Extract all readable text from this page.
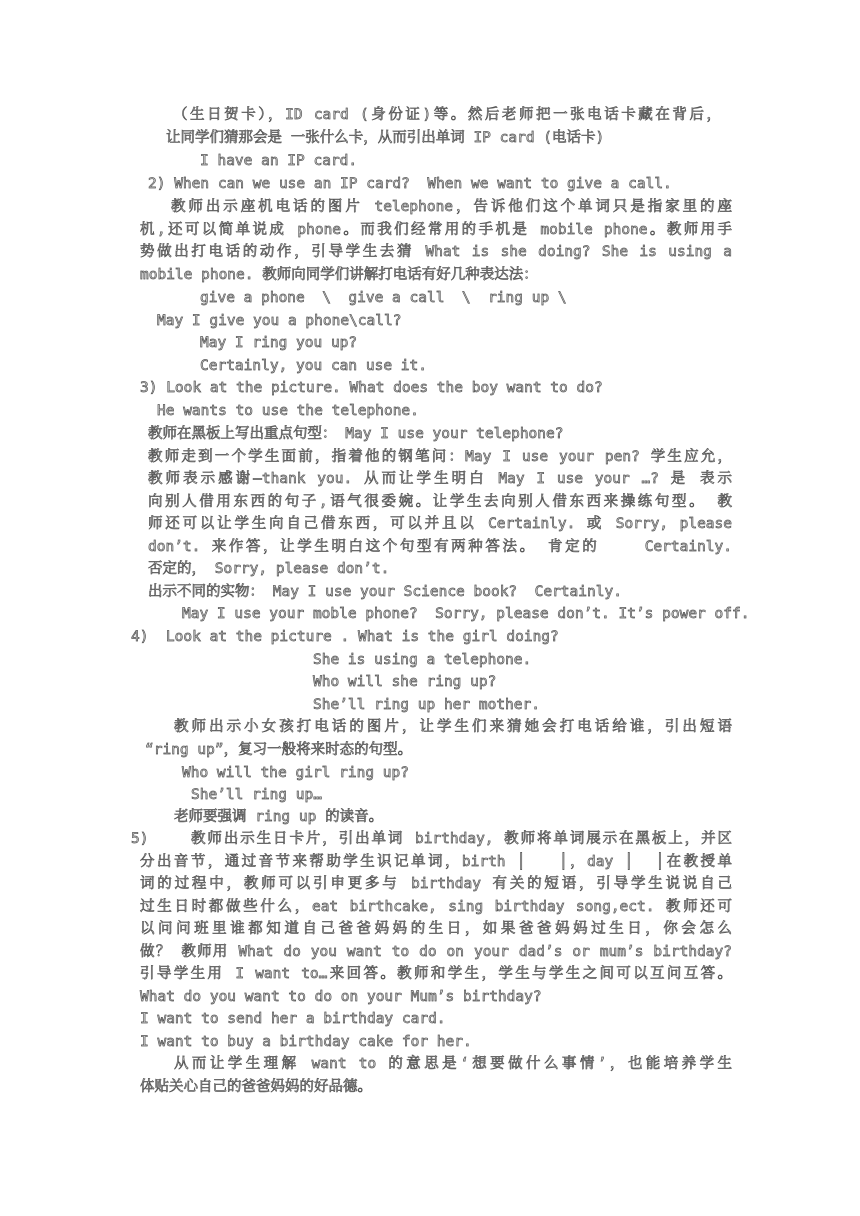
（生日贺卡），ID card (身份证)等。然后老师把一张电话卡藏在背后，
让同学们猜那会是 一张什么卡，从而引出单词 IP card (电话卡)
I have an IP card.
2) When can we use an IP card?  When we want to give a call.
教师出示座机电话的图片 telephone，告诉他们这个单词只是指家里的座
机,还可以简单说成 phone。而我们经常用的手机是 mobile phone。教师用手
势做出打电话的动作，引导学生去猜 What is she doing? She is using a
mobile phone. 教师向同学们讲解打电话有好几种表达法：
give a phone  \  give a call  \  ring up \
May I give you a phone\call?
May I ring you up?
Certainly, you can use it.
3) Look at the picture. What does the boy want to do?
He wants to use the telephone.
教师在黑板上写出重点句型： May I use your telephone?
教师走到一个学生面前，指着他的钢笔问：May I use your pen? 学生应允，
教师表示感谢—thank you. 从而让学生明白 May I use your …? 是 表示
向别人借用东西的句子,语气很委婉。让学生去向别人借东西来操练句型。 教
师还可以让学生向自己借东西，可以并且以 Certainly. 或 Sorry, please
don’t. 来作答，让学生明白这个句型有两种答法。 肯定的    Certainly.
否定的， Sorry, please don’t.
出示不同的实物： May I use your Science book?  Certainly.
May I use your moble phone?  Sorry, please don’t. It’s power off.
4)  Look at the picture . What is the girl doing?
She is using a telephone.
Who will she ring up?
She’ll ring up her mother.
教师出示小女孩打电话的图片，让学生们来猜她会打电话给谁，引出短语
“ring up”，复习一般将来时态的句型。
Who will the girl ring up?
She’ll ring up…
老师要强调 ring up 的读音。
5)    教师出示生日卡片，引出单词 birthday, 教师将单词展示在黑板上，并区
分出音节，通过音节来帮助学生识记单词，birth │   │，day │  │在教授单
词的过程中，教师可以引申更多与 birthday 有关的短语，引导学生说说自己
过生日时都做些什么，eat birthcake, sing birthday song,ect. 教师还可
以问问班里谁都知道自己爸爸妈妈的生日，如果爸爸妈妈过生日，你会怎么
做？ 教师用 What do you want to do on your dad’s or mum’s birthday?
引导学生用 I want to…来回答。教师和学生，学生与学生之间可以互问互答。
What do you want to do on your Mum’s birthday?
I want to send her a birthday card.
I want to buy a birthday cake for her.
从而让学生理解 want to 的意思是‘想要做什么事情’，也能培养学生
体贴关心自己的爸爸妈妈的好品德。
